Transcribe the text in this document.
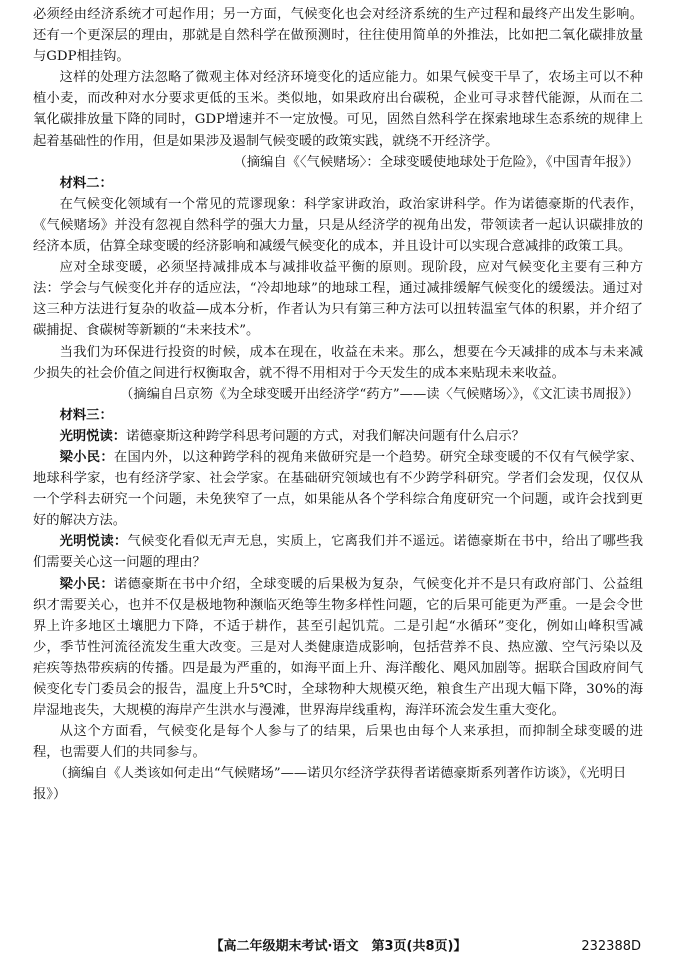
必须经由经济系统才可起作用；另一方面，气候变化也会对经济系统的生产过程和最终产出发生影响。还有一个更深层的理由，那就是自然科学在做预测时，往往使用简单的外推法，比如把二氧化碳排放量与GDP相挂钩。

这样的处理方法忽略了微观主体对经济环境变化的适应能力。如果气候变干旱了，农场主可以不种植小麦，而改种对水分要求更低的玉米。类似地，如果政府出台碳税，企业可寻求替代能源，从而在二氧化碳排放量下降的同时，GDP增速并不一定放慢。可见，固然自然科学在探索地球生态系统的规律上起着基础性的作用，但是如果涉及遏制气候变暖的政策实践，就绕不开经济学。

（摘编自《〈气候赌场〉：全球变暖使地球处于危险》，《中国青年报》）

材料二：

在气候变化领域有一个常见的荒谬现象：科学家讲政治，政治家讲科学。作为诺德豪斯的代表作，《气候赌场》并没有忽视自然科学的强大力量，只是从经济学的视角出发，带领读者一起认识碳排放的经济本质，估算全球变暖的经济影响和减缓气候变化的成本，并且设计可以实现合意减排的政策工具。

应对全球变暖，必须坚持减排成本与减排收益平衡的原则。现阶段，应对气候变化主要有三种方法：学会与气候变化并存的适应法，“冷却地球”的地球工程，通过减排缓解气候变化的缓缓法。通过对这三种方法进行复杂的收益—成本分析，作者认为只有第三种方法可以扭转温室气体的积累，并介绍了碳捕捉、食碳树等新颖的“未来技术”。

当我们为环保进行投资的时候，成本在现在，收益在未来。那么，想要在今天减排的成本与未来减少损失的社会价值之间进行权衡取舍，就不得不用相对于今天发生的成本来贴现未来收益。

（摘编自吕京笏《为全球变暖开出经济学“药方”——读〈气候赌场〉》，《文汇读书周报》）

材料三：

光明悦读：诺德豪斯这种跨学科思考问题的方式，对我们解决问题有什么启示？

梁小民：在国内外，以这种跨学科的视角来做研究是一个趋势。研究全球变暖的不仅有气候学家、地球科学家，也有经济学家、社会学家。在基础研究领域也有不少跨学科研究。学者们会发现，仅仅从一个学科去研究一个问题，未免狭窄了一点，如果能从各个学科综合角度研究一个问题，或许会找到更好的解决方法。

光明悦读：气候变化看似无声无息，实质上，它离我们并不遥远。诺德豪斯在书中，给出了哪些我们需要关心这一问题的理由？

梁小民：诺德豪斯在书中介绍，全球变暖的后果极为复杂，气候变化并不是只有政府部门、公益组织才需要关心，也并不仅是极地物种濒临灭绝等生物多样性问题，它的后果可能更为严重。一是会令世界上许多地区土壤肥力下降，不适于耕作，甚至引起饥荒。二是引起“水循环”变化，例如山峰积雪减少，季节性河流径流发生重大改变。三是对人类健康造成影响，包括营养不良、热应激、空气污染以及疟疾等热带疾病的传播。四是最为严重的，如海平面上升、海洋酸化、飓风加剧等。据联合国政府间气候变化专门委员会的报告，温度上升5℃时，全球物种大规模灭绝，粮食生产出现大幅下降，30%的海岸湿地丧失，大规模的海岸产生洪水与漫滩，世界海岸线重构，海洋环流会发生重大变化。

从这个方面看，气候变化是每个人参与了的结果，后果也由每个人来承担，而抑制全球变暖的进程，也需要人们的共同参与。

（摘编自《人类该如何走出“气候赌场”——诺贝尔经济学获得者诺德豪斯系列著作访谈》，《光明日报》）

【高二年级期末考试·语文　第3页(共8页)】	232388D
